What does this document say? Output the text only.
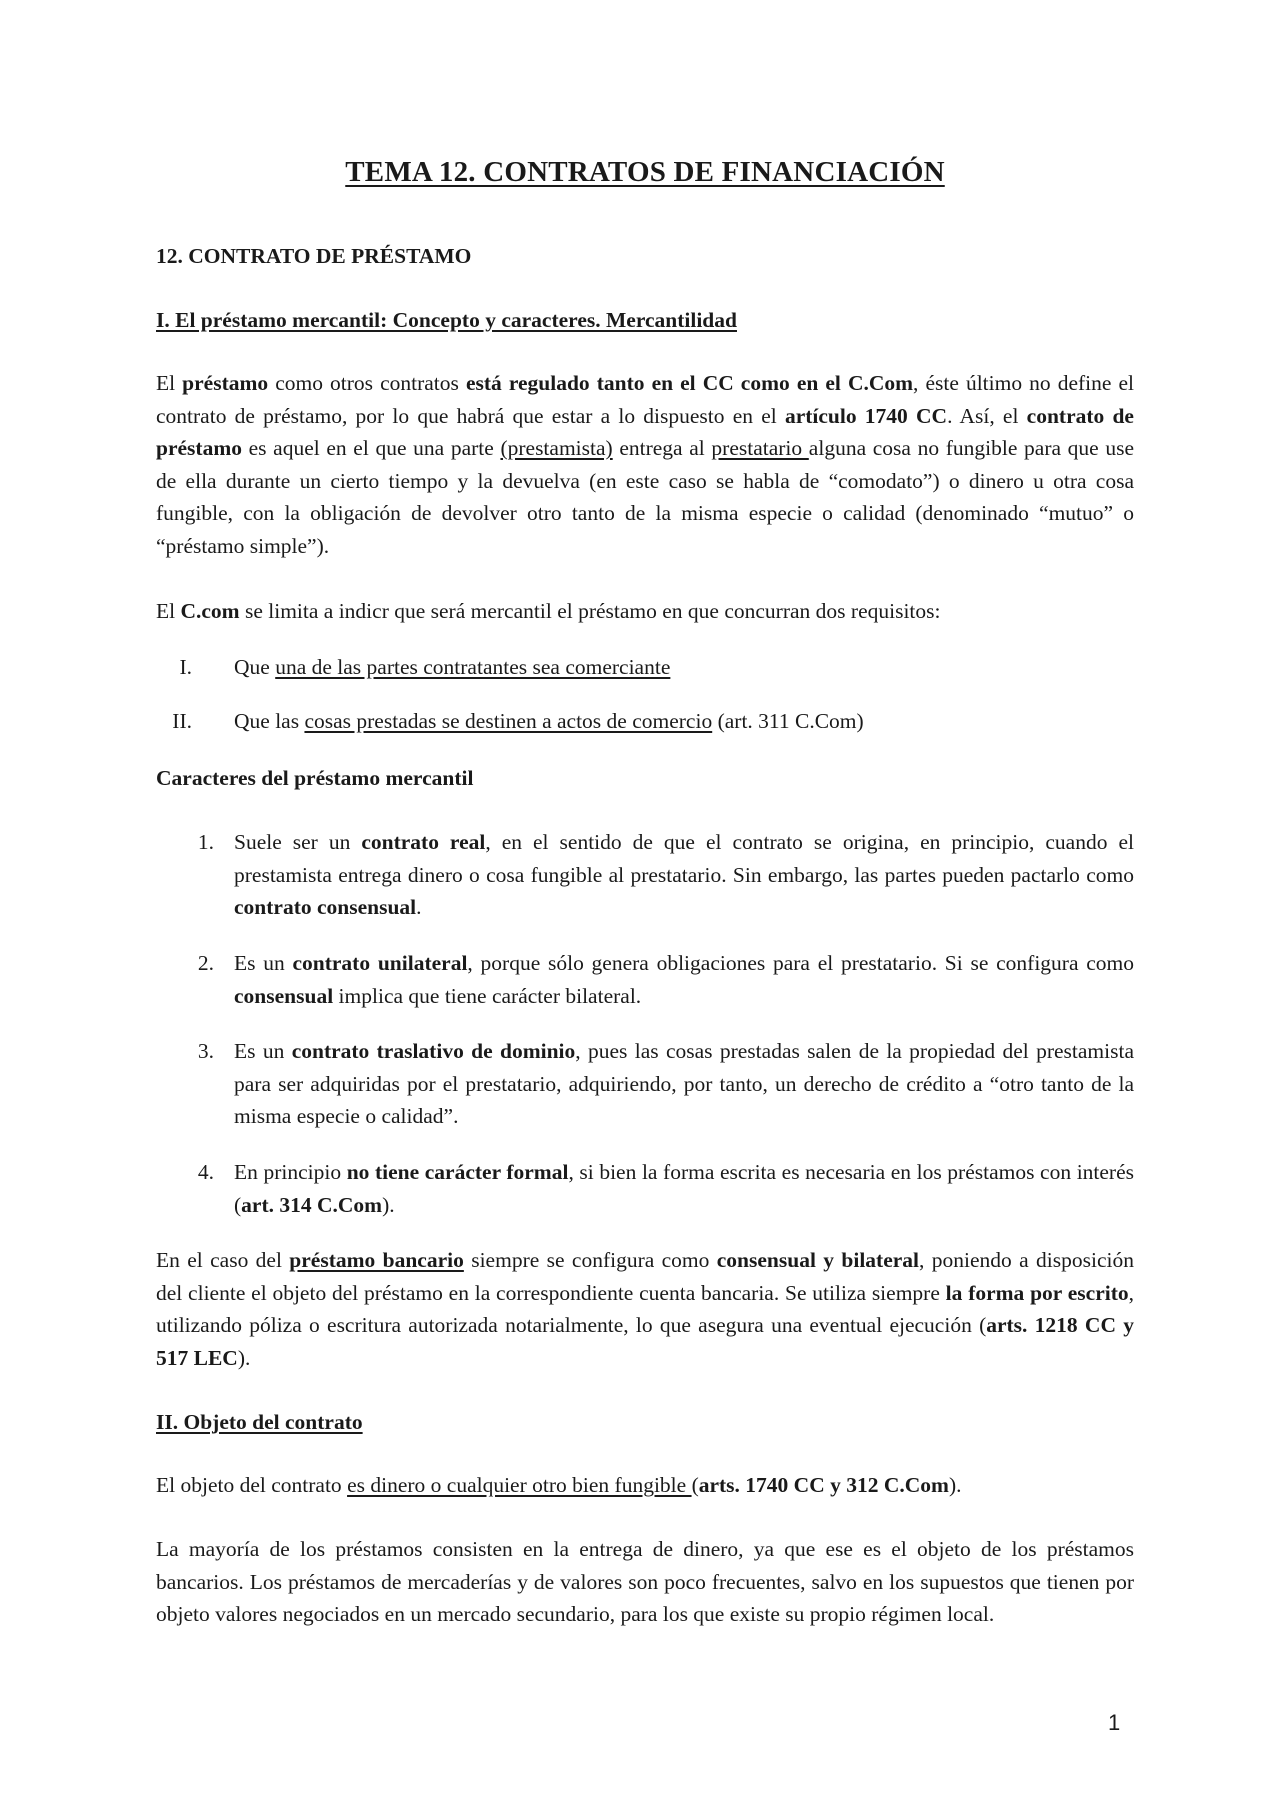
TEMA 12. CONTRATOS DE FINANCIACIÓN

12. CONTRATO DE PRÉSTAMO

I. El préstamo mercantil: Concepto y caracteres. Mercantilidad

El préstamo como otros contratos está regulado tanto en el CC como en el C.Com, éste último no define el contrato de préstamo, por lo que habrá que estar a lo dispuesto en el artículo 1740 CC. Así, el contrato de préstamo es aquel en el que una parte (prestamista) entrega al prestatario alguna cosa no fungible para que use de ella durante un cierto tiempo y la devuelva (en este caso se habla de “comodato”) o dinero u otra cosa fungible, con la obligación de devolver otro tanto de la misma especie o calidad (denominado “mutuo” o “préstamo simple”).

El C.com se limita a indicr que será mercantil el préstamo en que concurran dos requisitos:

I. Que una de las partes contratantes sea comerciante
II. Que las cosas prestadas se destinen a actos de comercio (art. 311 C.Com)

Caracteres del préstamo mercantil

1. Suele ser un contrato real, en el sentido de que el contrato se origina, en principio, cuando el prestamista entrega dinero o cosa fungible al prestatario. Sin embargo, las partes pueden pactarlo como contrato consensual.
2. Es un contrato unilateral, porque sólo genera obligaciones para el prestatario. Si se configura como consensual implica que tiene carácter bilateral.
3. Es un contrato traslativo de dominio, pues las cosas prestadas salen de la propiedad del prestamista para ser adquiridas por el prestatario, adquiriendo, por tanto, un derecho de crédito a “otro tanto de la misma especie o calidad”.
4. En principio no tiene carácter formal, si bien la forma escrita es necesaria en los préstamos con interés (art. 314 C.Com).

En el caso del préstamo bancario siempre se configura como consensual y bilateral, poniendo a disposición del cliente el objeto del préstamo en la correspondiente cuenta bancaria. Se utiliza siempre la forma por escrito, utilizando póliza o escritura autorizada notarialmente, lo que asegura una eventual ejecución (arts. 1218 CC y 517 LEC).

II. Objeto del contrato

El objeto del contrato es dinero o cualquier otro bien fungible (arts. 1740 CC y 312 C.Com).

La mayoría de los préstamos consisten en la entrega de dinero, ya que ese es el objeto de los préstamos bancarios. Los préstamos de mercaderías y de valores son poco frecuentes, salvo en los supuestos que tienen por objeto valores negociados en un mercado secundario, para los que existe su propio régimen local.

1
